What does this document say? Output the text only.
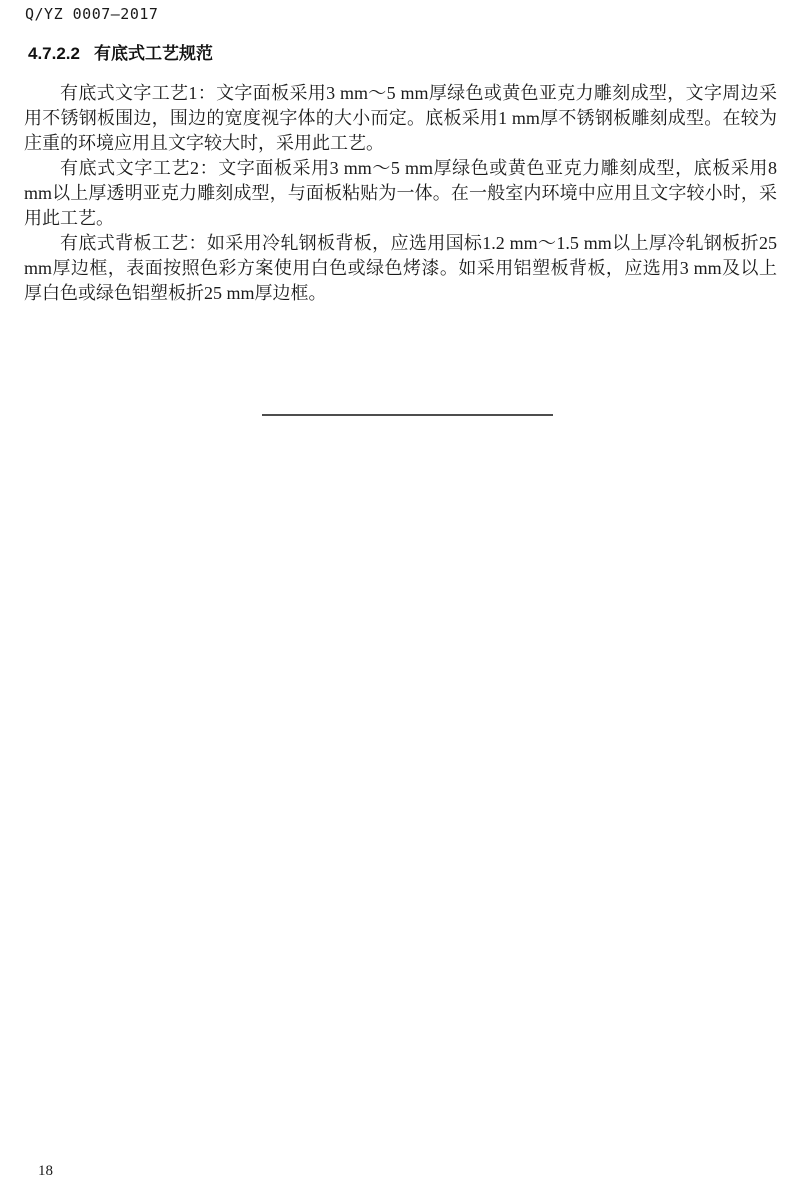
Q/YZ 0007—2017
4.7.2.2 有底式工艺规范

有底式文字工艺1：文字面板采用3 mm～5 mm厚绿色或黄色亚克力雕刻成型，文字周边采用不锈钢板围边，围边的宽度视字体的大小而定。底板采用1 mm厚不锈钢板雕刻成型。在较为庄重的环境应用且文字较大时，采用此工艺。

有底式文字工艺2：文字面板采用3 mm～5 mm厚绿色或黄色亚克力雕刻成型，底板采用8 mm以上厚透明亚克力雕刻成型，与面板粘贴为一体。在一般室内环境中应用且文字较小时，采用此工艺。

有底式背板工艺：如采用冷轧钢板背板，应选用国标1.2 mm～1.5 mm以上厚冷轧钢板折25 mm厚边框，表面按照色彩方案使用白色或绿色烤漆。如采用铝塑板背板，应选用3 mm及以上厚白色或绿色铝塑板折25 mm厚边框。

18
